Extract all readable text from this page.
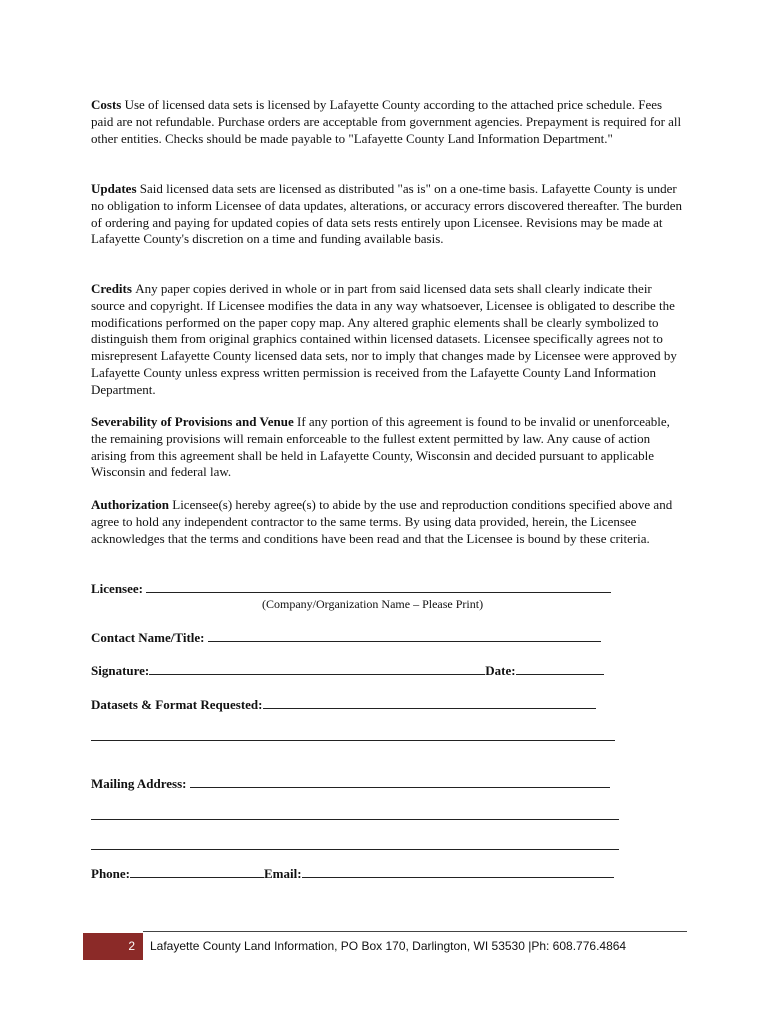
Costs Use of licensed data sets is licensed by Lafayette County according to the attached price schedule. Fees paid are not refundable. Purchase orders are acceptable from government agencies. Prepayment is required for all other entities. Checks should be made payable to "Lafayette County Land Information Department."
Updates Said licensed data sets are licensed as distributed "as is" on a one-time basis. Lafayette County is under no obligation to inform Licensee of data updates, alterations, or accuracy errors discovered thereafter. The burden of ordering and paying for updated copies of data sets rests entirely upon Licensee. Revisions may be made at Lafayette County's discretion on a time and funding available basis.
Credits Any paper copies derived in whole or in part from said licensed data sets shall clearly indicate their source and copyright. If Licensee modifies the data in any way whatsoever, Licensee is obligated to describe the modifications performed on the paper copy map. Any altered graphic elements shall be clearly symbolized to distinguish them from original graphics contained within licensed datasets. Licensee specifically agrees not to misrepresent Lafayette County licensed data sets, nor to imply that changes made by Licensee were approved by Lafayette County unless express written permission is received from the Lafayette County Land Information Department.
Severability of Provisions and Venue If any portion of this agreement is found to be invalid or unenforceable, the remaining provisions will remain enforceable to the fullest extent permitted by law. Any cause of action arising from this agreement shall be held in Lafayette County, Wisconsin and decided pursuant to applicable Wisconsin and federal law.
Authorization Licensee(s) hereby agree(s) to abide by the use and reproduction conditions specified above and agree to hold any independent contractor to the same terms. By using data provided, herein, the Licensee acknowledges that the terms and conditions have been read and that the Licensee is bound by these criteria.
Licensee:
(Company/Organization Name – Please Print)
Contact Name/Title:
Signature:	Date:
Datasets & Format Requested:
Mailing Address:
Phone:	Email:
2	Lafayette County Land Information, PO Box 170, Darlington, WI 53530 |Ph: 608.776.4864
